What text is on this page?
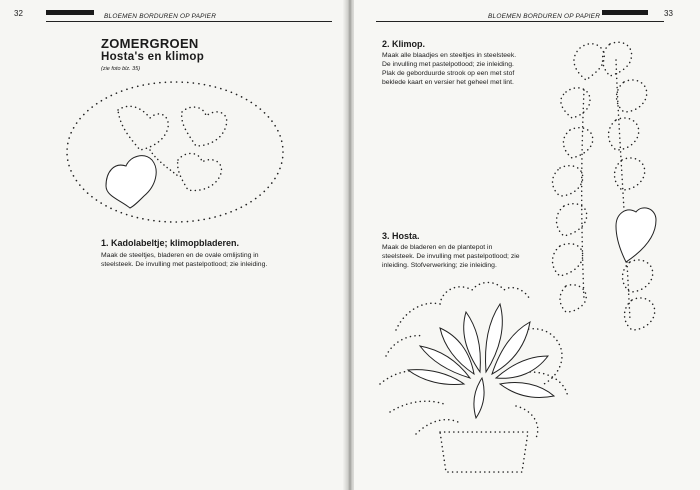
32	BLOEMEN BORDUREN OP PAPIER
ZOMERGROEN
Hosta's en klimop
(zie foto blz. 35)
1. Kadolabeltje; klimopbladeren.
Maak de steeltjes, bladeren en de ovale omlijsting in
steelsteek. De invulling met pastelpotlood; zie inleiding.
BLOEMEN BORDUREN OP PAPIER	33
2. Klimop.
Maak alle blaadjes en steeltjes in steelsteek.
De invulling met pastelpotlood; zie inleiding.
Plak de geborduurde strook op een met stof
beklede kaart en versier het geheel met lint.
3. Hosta.
Maak de bladeren en de plantepot in
steelsteek. De invulling met pastelpotlood; zie
inleiding. Stofverwerking; zie inleiding.
